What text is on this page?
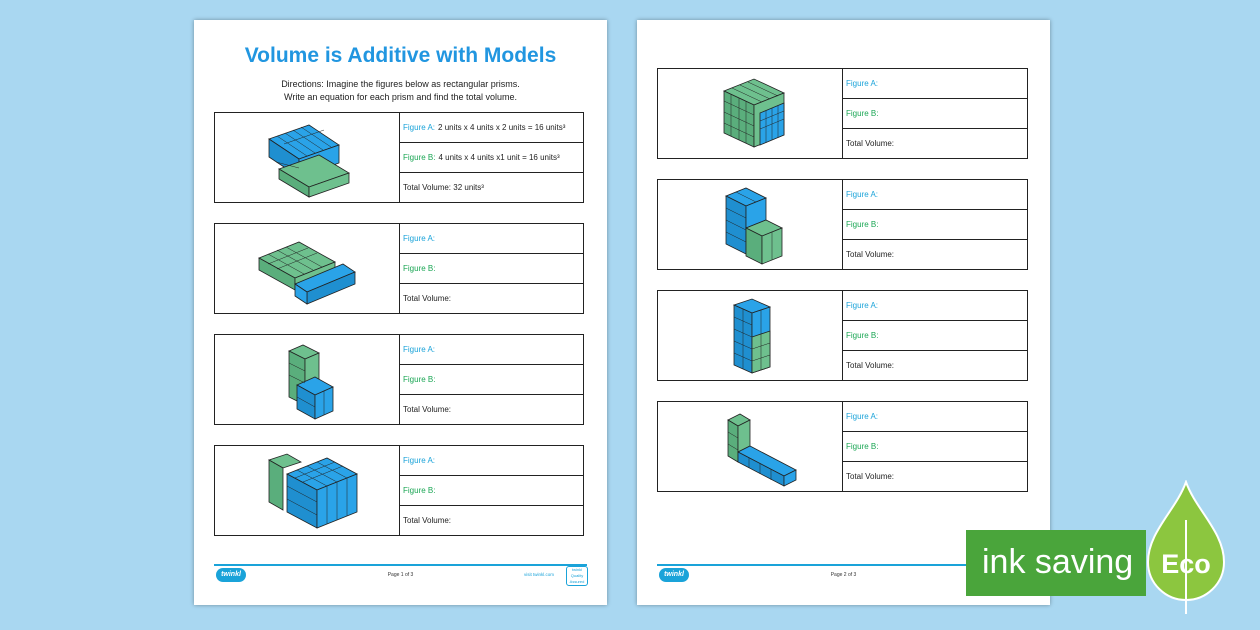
Volume is Additive with Models
Directions: Imagine the figures below as rectangular prisms.
Write an equation for each prism and find the total volume.
Figure A: 2 units x 4 units x 2 units = 16 units³
Figure B: 4 units x 4 units x1 unit = 16 units³
Total Volume: 32 units³
Figure A:
Figure B:
Total Volume:
Figure A:
Figure B:
Total Volume:
Figure A:
Figure B:
Total Volume:
twinkl	Page 1 of 3	visit twinkl.com
twinkl Quality Assured
Figure A:
Figure B:
Total Volume:
Figure A:
Figure B:
Total Volume:
Figure A:
Figure B:
Total Volume:
Figure A:
Figure B:
Total Volume:
twinkl	Page 2 of 3	ink saving Eco
